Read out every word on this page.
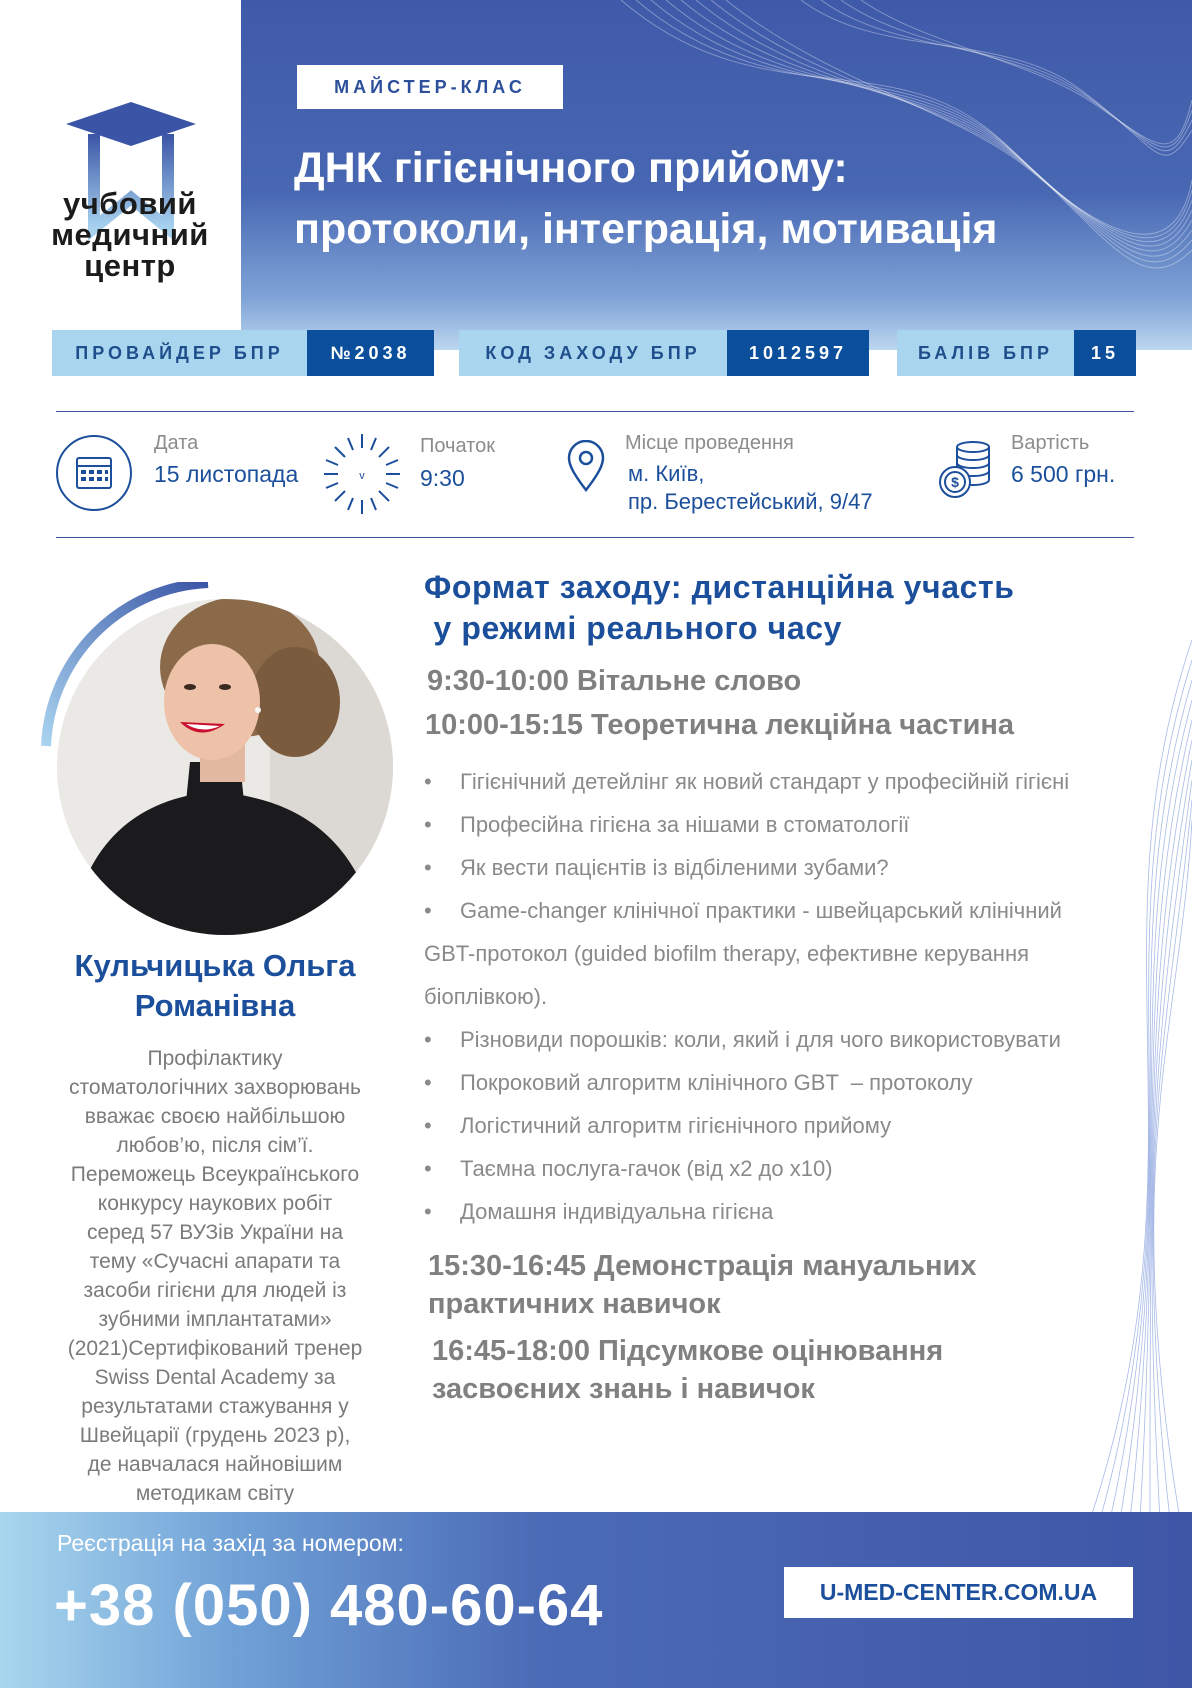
учбовий
медичний
центр
МАЙСТЕР-КЛАС
ДНК гігієнічного прийому:
протоколи, інтеграція, мотивація
ПРОВАЙДЕР БПР	№2038	КОД ЗАХОДУ БПР	1012597	БАЛІВ БПР	15
Дата
15 листопада	v
Початок
9:30
Місце проведення
м. Київ,
пр. Берестейський, 9/47
$
Вартість
6 500 грн.
Кульчицька Ольга
Романівна
Профілактику
стоматологічних захворювань
вважає своєю найбільшою
любов’ю, після сім’ї.
Переможець Всеукраїнського
конкурсу наукових робіт
серед 57 ВУЗів України на
тему «Сучасні апарати та
засоби гігієни для людей із
зубними імплантатами»
(2021)Сертифікований тренер
Swiss Dental Academy за
результатами стажування у
Швейцарії (грудень 2023 р),
де навчалася найновішим
методикам світу
Формат заходу: дистанційна участь
у режимі реального часу
9:30-10:00 Вітальне слово
10:00-15:15 Теоретична лекційна частина
• Гігієнічний детейлінг як новий стандарт у професійній гігієні
• Професійна гігієна за нішами в стоматології
• Як вести пацієнтів із відбіленими зубами?
• Game-changer клінічної практики - швейцарський клінічний
GBT-протокол (guided biofilm therapy, ефективне керування
біоплівкою).
• Різновиди порошків: коли, який і для чого використовувати
• Покроковий алгоритм клінічного GBT  – протоколу
• Логістичний алгоритм гігієнічного прийому
• Таємна послуга-гачок (від х2 до х10)
• Домашня індивідуальна гігієна
15:30-16:45 Демонстрація мануальних
практичних навичок
16:45-18:00 Підсумкове оцінювання
засвоєних знань і навичок
Реєстрація на захід за номером:
+38 (050) 480-60-64	U-MED-CENTER.COM.UA
